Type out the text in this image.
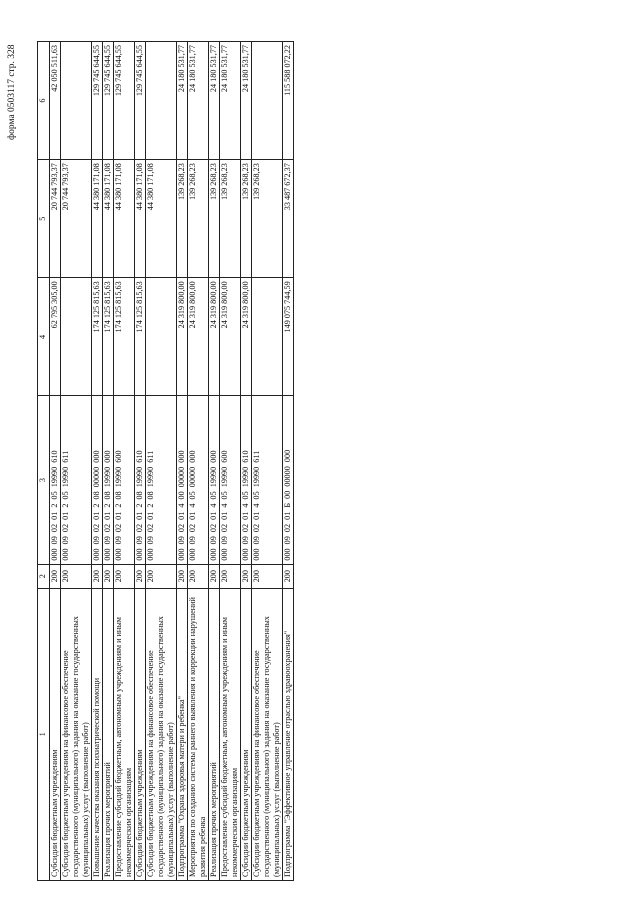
форма 0503117 стр. 328
1	2	3	4	5	6
Субсидии бюджетным учреждениям	200	000 09 02 01 2 05 19990 610	62 795 305,00	20 744 793,37	42 050 511,63
Субсидии бюджетным учреждениям на финансовое обеспечение государственного (муниципального) задания на оказание государственных (муниципальных) услуг (выполнение работ)	200	000 09 02 01 2 05 19990 611		20 744 793,37	
Повышение качества оказания психиатрической помощи	200	000 09 02 01 2 08 00000 000	174 125 815,63	44 380 171,08	129 745 644,55
Реализация прочих мероприятий	200	000 09 02 01 2 08 19990 000	174 125 815,63	44 380 171,08	129 745 644,55
Предоставление субсидий бюджетным, автономным учреждениям и иным некоммерческим организациям	200	000 09 02 01 2 08 19990 600	174 125 815,63	44 380 171,08	129 745 644,55
Субсидии бюджетным учреждениям	200	000 09 02 01 2 08 19990 610	174 125 815,63	44 380 171,08	129 745 644,55
Субсидии бюджетным учреждениям на финансовое обеспечение государственного (муниципального) задания на оказание государственных (муниципальных) услуг (выполнение работ)	200	000 09 02 01 2 08 19990 611		44 380 171,08	
Подпрограмма "Охрана здоровья матери и ребенка"	200	000 09 02 01 4 00 00000 000	24 319 800,00	139 268,23	24 180 531,77
Мероприятия по созданию системы раннего выявления и коррекции нарушений развития ребенка	200	000 09 02 01 4 05 00000 000	24 319 800,00	139 268,23	24 180 531,77
Реализация прочих мероприятий	200	000 09 02 01 4 05 19990 000	24 319 800,00	139 268,23	24 180 531,77
Предоставление субсидий бюджетным, автономным учреждениям и иным некоммерческим организациям	200	000 09 02 01 4 05 19990 600	24 319 800,00	139 268,23	24 180 531,77
Субсидии бюджетным учреждениям	200	000 09 02 01 4 05 19990 610	24 319 800,00	139 268,23	24 180 531,77
Субсидии бюджетным учреждениям на финансовое обеспечение государственного (муниципального) задания на оказание государственных (муниципальных) услуг (выполнение работ)	200	000 09 02 01 4 05 19990 611		139 268,23	
Подпрограмма "Эффективное управление отраслью здравоохранения"	200	000 09 02 01 Б 00 00000 000	149 075 744,59	33 487 672,37	115 588 072,22
